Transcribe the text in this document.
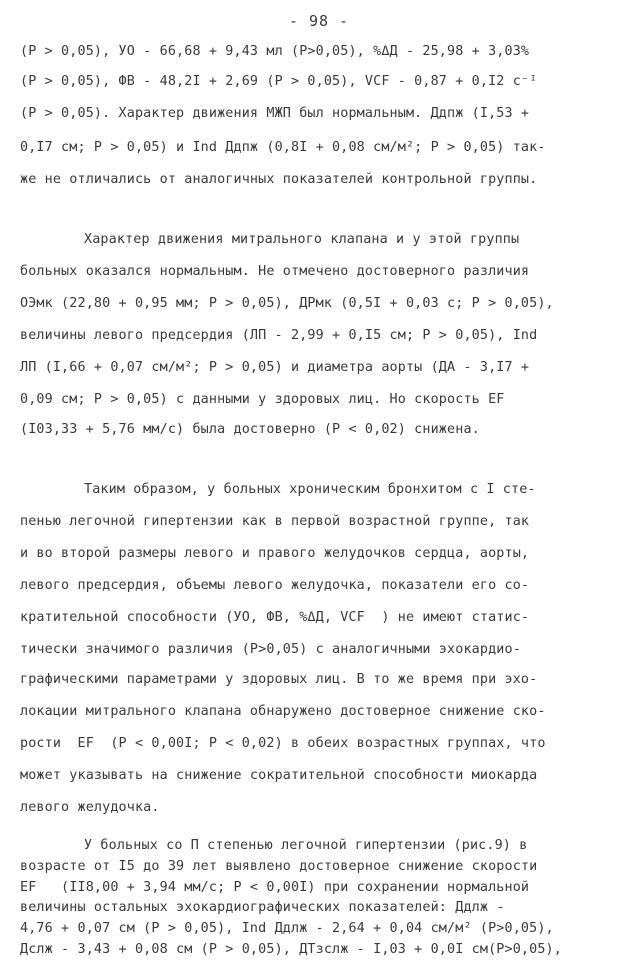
- 98 -
(P > 0,05), УО - 66,68 + 9,43 мл (P>0,05), %ΔД - 25,98 + 3,03%
(P > 0,05), ФВ - 48,2I + 2,69 (P > 0,05), VCF - 0,87 + 0,I2 с⁻ᴵ
(P > 0,05). Характер движения МЖП был нормальным. Ддпж (I,53 +
0,I7 см; P > 0,05) и Ind Ддпж (0,8I + 0,08 см/м²; P > 0,05) так-
же не отличались от аналогичных показателей контрольной группы.
Характер движения митрального клапана и у этой группы
больных оказался нормальным. Не отмечено достоверного различия
ОЭмк (22,80 + 0,95 мм; P > 0,05), ДРмк (0,5I + 0,03 с; P > 0,05),
величины левого предсердия (ЛП - 2,99 + 0,I5 см; P > 0,05), Ind
ЛП (I,66 + 0,07 см/м²; P > 0,05) и диаметра аорты (ДА - 3,I7 +
0,09 см; P > 0,05) с данными у здоровых лиц. Но скорость EF
(I03,33 + 5,76 мм/с) была достоверно (P < 0,02) снижена.
Таким образом, у больных хроническим бронхитом с I сте-
пенью легочной гипертензии как в первой возрастной группе, так
и во второй размеры левого и правого желудочков сердца, аорты,
левого предсердия, объемы левого желудочка, показатели его со-
кратительной способности (УО, ФВ, %ΔД, VCF  ) не имеют статис-
тически значимого различия (P>0,05) с аналогичными эхокардио-
графическими параметрами у здоровых лиц. В то же время при эхо-
локации митрального клапана обнаружено достоверное снижение ско-
рости  EF  (P < 0,00I; P < 0,02) в обеих возрастных группах, что
может указывать на снижение сократительной способности миокарда
левого желудочка.
У больных со П степенью легочной гипертензии (рис.9) в
возрасте от I5 до 39 лет выявлено достоверное снижение скорости
EF   (II8,00 + 3,94 мм/с; P < 0,00I) при сохранении нормальной
величины остальных эхокардиографических показателей: Ддлж -
4,76 + 0,07 см (P > 0,05), Ind Ддлж - 2,64 + 0,04 см/м² (P>0,05),
Дслж - 3,43 + 0,08 см (P > 0,05), ДТзслж - I,03 + 0,0I см(P>0,05),
